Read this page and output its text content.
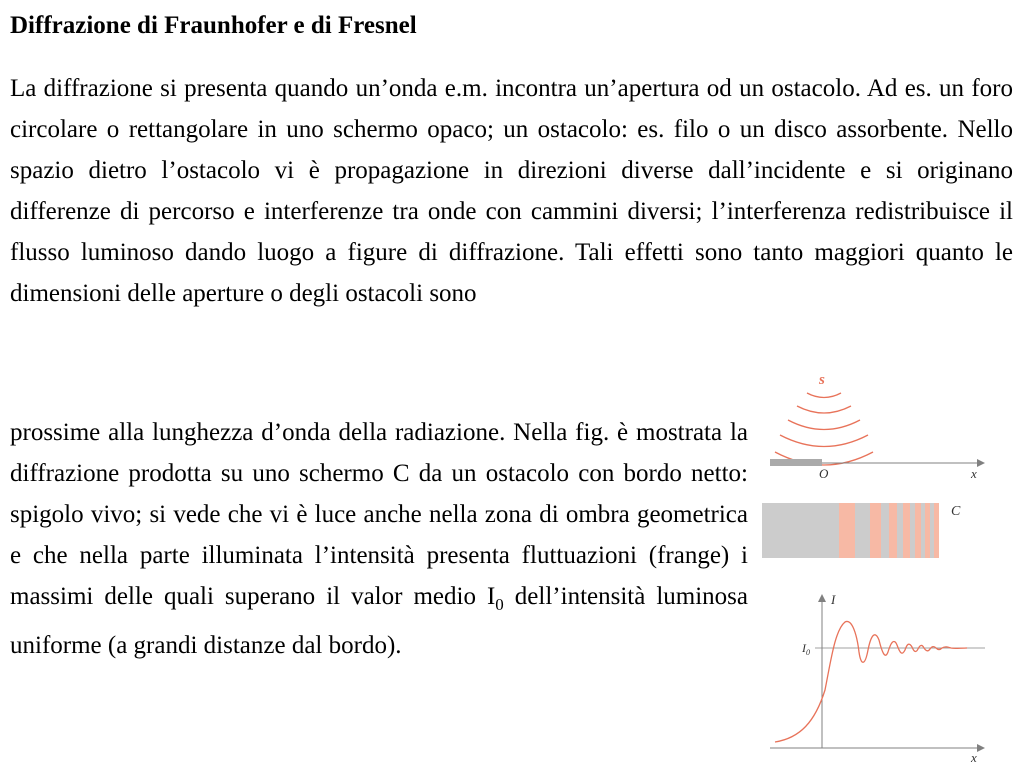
Diffrazione di Fraunhofer e di Fresnel

La diffrazione si presenta quando un’onda e.m. incontra un’apertura od un ostacolo. Ad es. un foro circolare o rettangolare in uno schermo opaco; un ostacolo: es. filo o un disco assorbente. Nello spazio dietro l’ostacolo vi è propagazione in direzioni diverse dall’incidente e si originano differenze di percorso e interferenze tra onde con cammini diversi; l’interferenza redistribuisce il flusso luminoso dando luogo a figure di diffrazione. Tali effetti sono tanto maggiori quanto le dimensioni delle aperture o degli ostacoli sono

prossime alla lunghezza d’onda della radiazione. Nella fig. è mostrata la diffrazione prodotta su uno schermo C da un ostacolo con bordo netto: spigolo vivo; si vede che vi è luce anche nella zona di ombra geometrica e che nella parte illuminata l’intensità presenta fluttuazioni (frange) i massimi delle quali superano il valor medio $I_0$ dell’intensità luminosa uniforme (a grandi distanze dal bordo).

s
O	x
C
I
x
$I_0$
